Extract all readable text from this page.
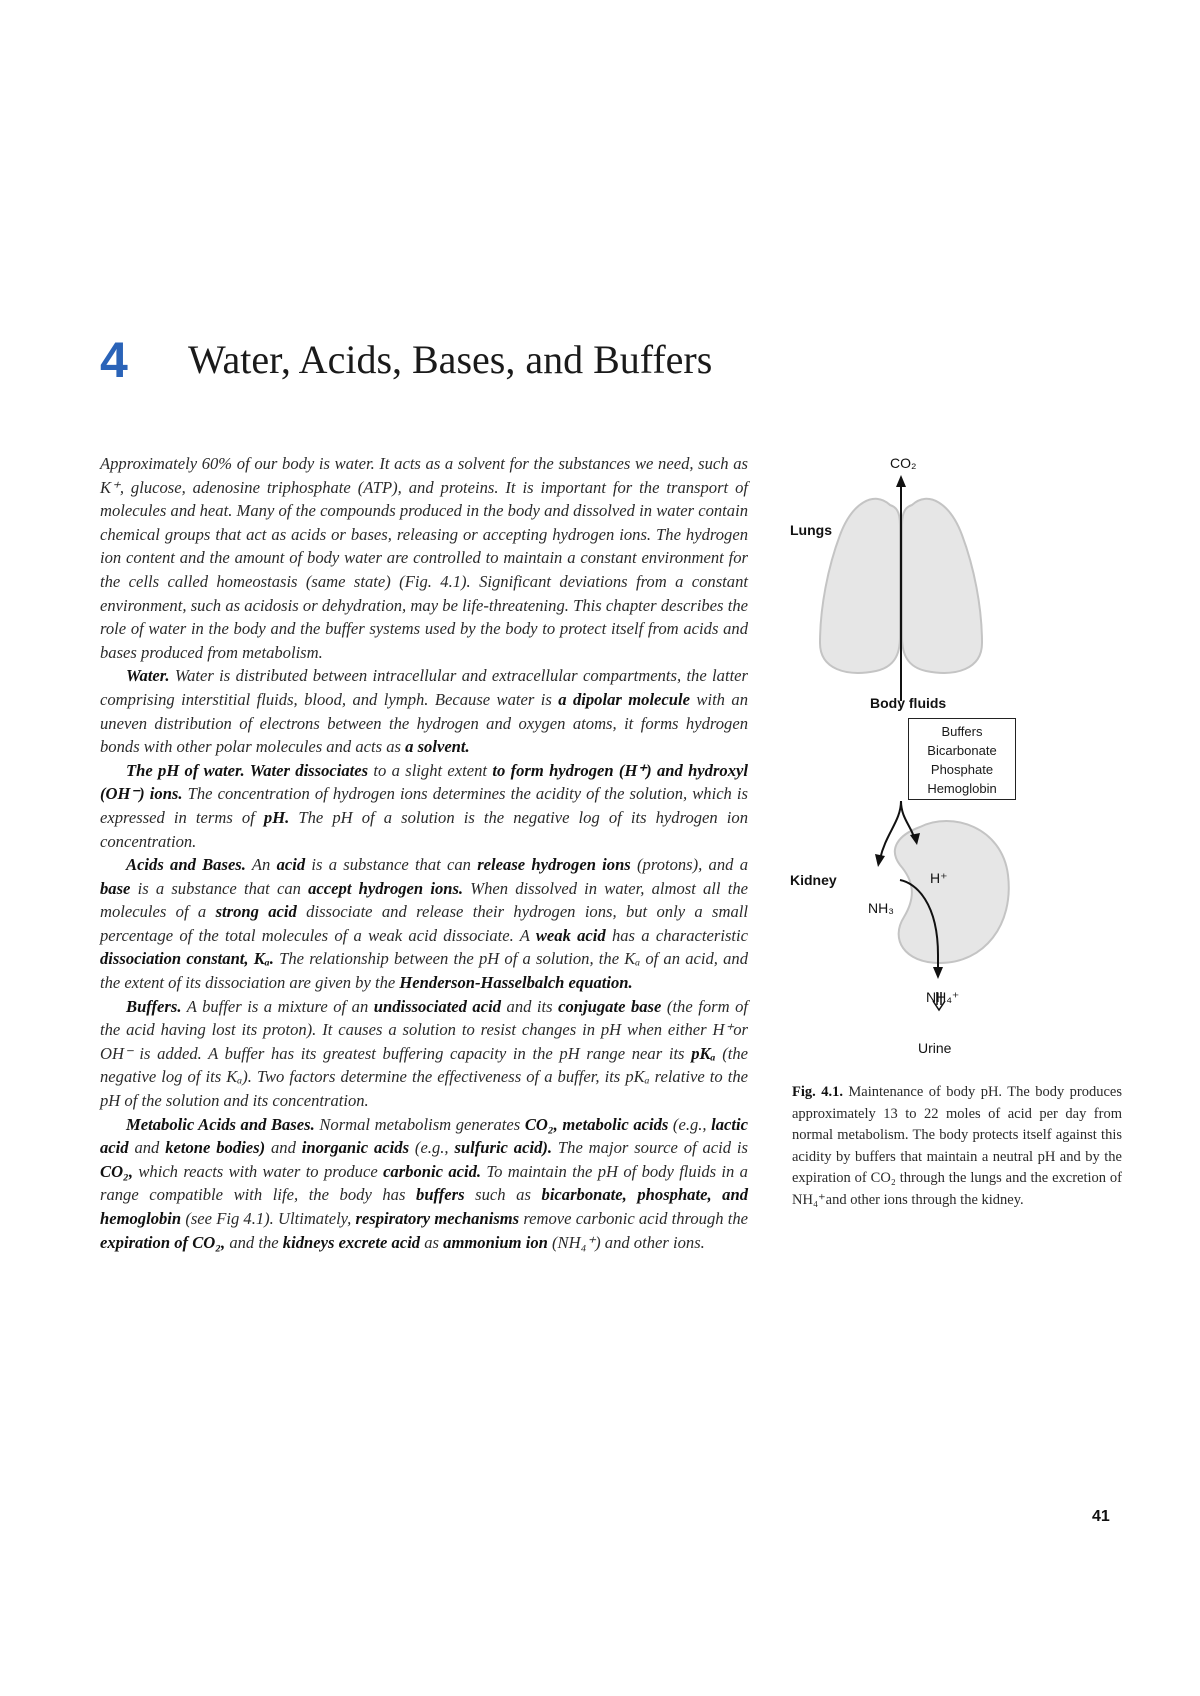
4 Water, Acids, Bases, and Buffers

Approximately 60% of our body is water. It acts as a solvent for the substances we need, such as K⁺, glucose, adenosine triphosphate (ATP), and proteins. It is important for the transport of molecules and heat. Many of the compounds produced in the body and dissolved in water contain chemical groups that act as acids or bases, releasing or accepting hydrogen ions. The hydrogen ion content and the amount of body water are controlled to maintain a constant environment for the cells called homeostasis (same state) (Fig. 4.1). Significant deviations from a constant environment, such as acidosis or dehydration, may be life-threatening. This chapter describes the role of water in the body and the buffer systems used by the body to protect itself from acids and bases produced from metabolism.

Water. Water is distributed between intracellular and extracellular compartments, the latter comprising interstitial fluids, blood, and lymph. Because water is a dipolar molecule with an uneven distribution of electrons between the hydrogen and oxygen atoms, it forms hydrogen bonds with other polar molecules and acts as a solvent.

The pH of water. Water dissociates to a slight extent to form hydrogen (H⁺) and hydroxyl (OH⁻) ions. The concentration of hydrogen ions determines the acidity of the solution, which is expressed in terms of pH. The pH of a solution is the negative log of its hydrogen ion concentration.

Acids and Bases. An acid is a substance that can release hydrogen ions (protons), and a base is a substance that can accept hydrogen ions. When dissolved in water, almost all the molecules of a strong acid dissociate and release their hydrogen ions, but only a small percentage of the total molecules of a weak acid dissociate. A weak acid has a characteristic dissociation constant, Kₐ. The relationship between the pH of a solution, the Kₐ of an acid, and the extent of its dissociation are given by the Henderson-Hasselbalch equation.

Buffers. A buffer is a mixture of an undissociated acid and its conjugate base (the form of the acid having lost its proton). It causes a solution to resist changes in pH when either H⁺or OH⁻ is added. A buffer has its greatest buffering capacity in the pH range near its pKₐ (the negative log of its Kₐ). Two factors determine the effectiveness of a buffer, its pKₐ relative to the pH of the solution and its concentration.

Metabolic Acids and Bases. Normal metabolism generates CO₂, metabolic acids (e.g., lactic acid and ketone bodies) and inorganic acids (e.g., sulfuric acid). The major source of acid is CO₂, which reacts with water to produce carbonic acid. To maintain the pH of body fluids in a range compatible with life, the body has buffers such as bicarbonate, phosphate, and hemoglobin (see Fig 4.1). Ultimately, respiratory mechanisms remove carbonic acid through the expiration of CO₂, and the kidneys excrete acid as ammonium ion (NH₄⁺) and other ions.

CO₂
Lungs
Body fluids
Buffers
Bicarbonate
Phosphate
Hemoglobin
Kidney	H⁺
NH₃
NH₄⁺
Urine
Fig. 4.1. Maintenance of body pH. The body produces approximately 13 to 22 moles of acid per day from normal metabolism. The body protects itself against this acidity by buffers that maintain a neutral pH and by the expiration of CO₂ through the lungs and the excretion of NH₄⁺and other ions through the kidney.
41
